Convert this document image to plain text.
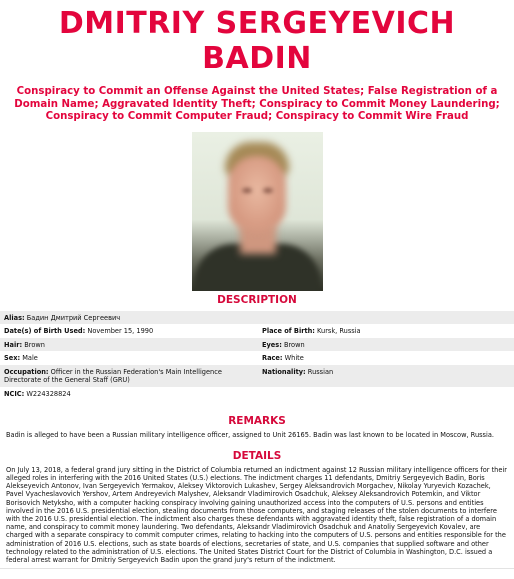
DMITRIY SERGEYEVICH
BADIN
Conspiracy to Commit an Offense Against the United States; False Registration of a Domain Name; Aggravated Identity Theft; Conspiracy to Commit Money Laundering; Conspiracy to Commit Computer Fraud; Conspiracy to Commit Wire Fraud
DESCRIPTION
Alias: Бадин Дмитрий Сергеевич	
Date(s) of Birth Used: November 15, 1990	Place of Birth: Kursk, Russia
Hair: Brown	Eyes: Brown
Sex: Male	Race: White
Occupation: Officer in the Russian Federation's Main Intelligence Directorate of the General Staff (GRU)	Nationality: Russian
NCIC: W224328824	
REMARKS
Badin is alleged to have been a Russian military intelligence officer, assigned to Unit 26165. Badin was last known to be located in Moscow, Russia.
DETAILS
On July 13, 2018, a federal grand jury sitting in the District of Columbia returned an indictment against 12 Russian military intelligence officers for their alleged roles in interfering with the 2016 United States (U.S.) elections. The indictment charges 11 defendants, Dmitriy Sergeyevich Badin, Boris Alekseyevich Antonov, Ivan Sergeyevich Yermakov, Aleksey Viktorovich Lukashev, Sergey Aleksandrovich Morgachev, Nikolay Yuryevich Kozachek, Pavel Vyacheslavovich Yershov, Artem Andreyevich Malyshev, Aleksandr Vladimirovich Osadchuk, Aleksey Aleksandrovich Potemkin, and Viktor Borisovich Netyksho, with a computer hacking conspiracy involving gaining unauthorized access into the computers of U.S. persons and entities involved in the 2016 U.S. presidential election, stealing documents from those computers, and staging releases of the stolen documents to interfere with the 2016 U.S. presidential election. The indictment also charges these defendants with aggravated identity theft, false registration of a domain name, and conspiracy to commit money laundering. Two defendants, Aleksandr Vladimirovich Osadchuk and Anatoliy Sergeyevich Kovalev, are charged with a separate conspiracy to commit computer crimes, relating to hacking into the computers of U.S. persons and entities responsible for the administration of 2016 U.S. elections, such as state boards of elections, secretaries of state, and U.S. companies that supplied software and other technology related to the administration of U.S. elections. The United States District Court for the District of Columbia in Washington, D.C. issued a federal arrest warrant for Dmitriy Sergeyevich Badin upon the grand jury's return of the indictment.
